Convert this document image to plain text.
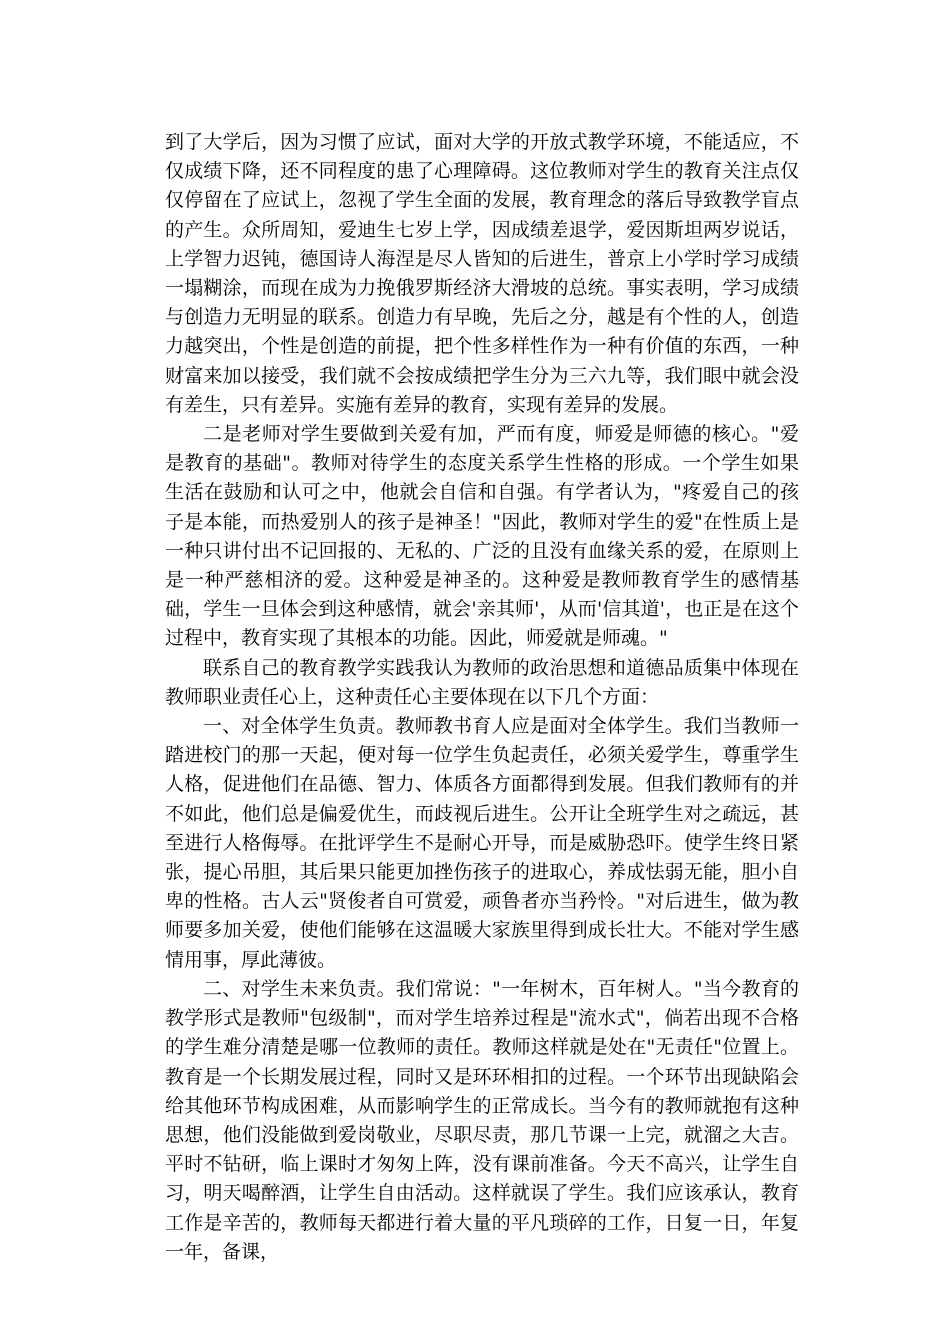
到了大学后，因为习惯了应试，面对大学的开放式教学环境，不能适应，不仅成绩下降，还不同程度的患了心理障碍。这位教师对学生的教育关注点仅仅停留在了应试上，忽视了学生全面的发展，教育理念的落后导致教学盲点的产生。众所周知，爱迪生七岁上学，因成绩差退学，爱因斯坦两岁说话，上学智力迟钝，德国诗人海涅是尽人皆知的后进生，普京上小学时学习成绩一塌糊涂，而现在成为力挽俄罗斯经济大滑坡的总统。事实表明，学习成绩与创造力无明显的联系。创造力有早晚，先后之分，越是有个性的人，创造力越突出，个性是创造的前提，把个性多样性作为一种有价值的东西，一种财富来加以接受，我们就不会按成绩把学生分为三六九等，我们眼中就会没有差生，只有差异。实施有差异的教育，实现有差异的发展。

二是老师对学生要做到关爱有加，严而有度，师爱是师德的核心。"爱是教育的基础"。教师对待学生的态度关系学生性格的形成。一个学生如果生活在鼓励和认可之中，他就会自信和自强。有学者认为，"疼爱自己的孩子是本能，而热爱别人的孩子是神圣！"因此，教师对学生的爱"在性质上是一种只讲付出不记回报的、无私的、广泛的且没有血缘关系的爱，在原则上是一种严慈相济的爱。这种爱是神圣的。这种爱是教师教育学生的感情基础，学生一旦体会到这种感情，就会'亲其师'，从而'信其道'，也正是在这个过程中，教育实现了其根本的功能。因此，师爱就是师魂。"

联系自己的教育教学实践我认为教师的政治思想和道德品质集中体现在教师职业责任心上，这种责任心主要体现在以下几个方面：

一、对全体学生负责。教师教书育人应是面对全体学生。我们当教师一踏进校门的那一天起，便对每一位学生负起责任，必须关爱学生，尊重学生人格，促进他们在品德、智力、体质各方面都得到发展。但我们教师有的并不如此，他们总是偏爱优生，而歧视后进生。公开让全班学生对之疏远，甚至进行人格侮辱。在批评学生不是耐心开导，而是威胁恐吓。使学生终日紧张，提心吊胆，其后果只能更加挫伤孩子的进取心，养成怯弱无能，胆小自卑的性格。古人云"贤俊者自可赏爱，顽鲁者亦当矜怜。"对后进生，做为教师要多加关爱，使他们能够在这温暖大家族里得到成长壮大。不能对学生感情用事，厚此薄彼。

二、对学生未来负责。我们常说："一年树木，百年树人。"当今教育的教学形式是教师"包级制"，而对学生培养过程是"流水式"，倘若出现不合格的学生难分清楚是哪一位教师的责任。教师这样就是处在"无责任"位置上。教育是一个长期发展过程，同时又是环环相扣的过程。一个环节出现缺陷会给其他环节构成困难，从而影响学生的正常成长。当今有的教师就抱有这种思想，他们没能做到爱岗敬业，尽职尽责，那几节课一上完，就溜之大吉。平时不钻研，临上课时才匆匆上阵，没有课前准备。今天不高兴，让学生自习，明天喝醉酒，让学生自由活动。这样就误了学生。我们应该承认，教育工作是辛苦的，教师每天都进行着大量的平凡琐碎的工作，日复一日，年复一年，备课，
